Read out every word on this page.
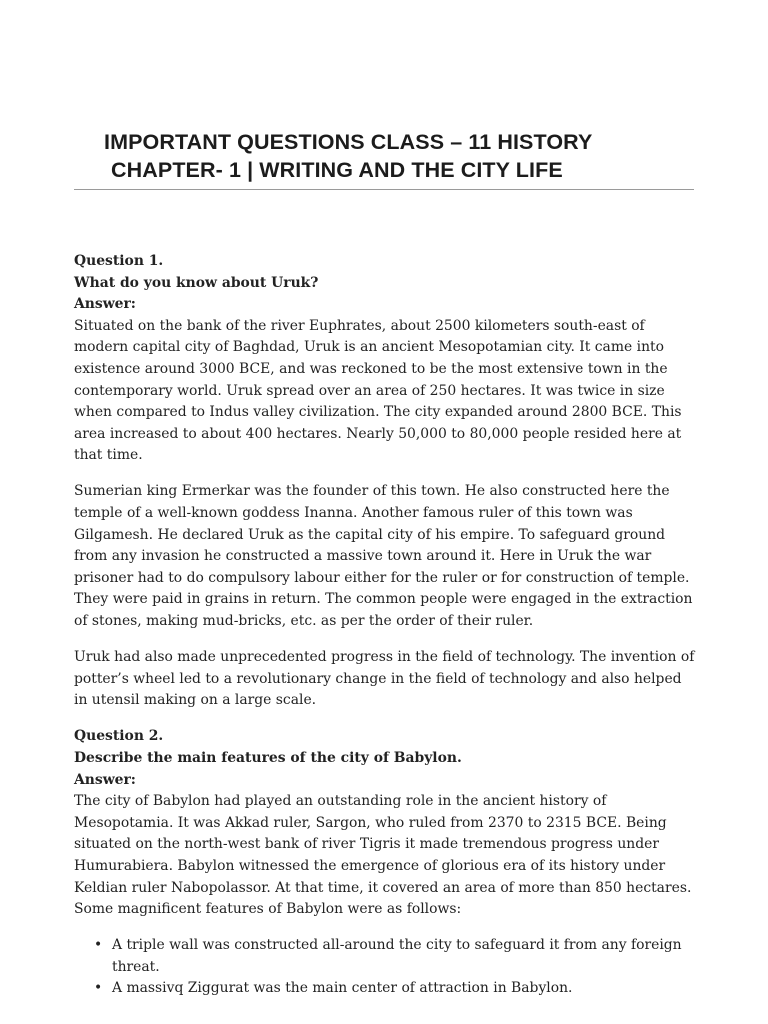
IMPORTANT QUESTIONS CLASS – 11 HISTORY
CHAPTER- 1 | WRITING AND THE CITY LIFE

Question 1.

What do you know about Uruk?

Answer:

Situated on the bank of the river Euphrates, about 2500 kilometers south-east of modern capital city of Baghdad, Uruk is an ancient Mesopotamian city. It came into existence around 3000 BCE, and was reckoned to be the most extensive town in the contemporary world. Uruk spread over an area of 250 hectares. It was twice in size when compared to Indus valley civilization. The city expanded around 2800 BCE. This area increased to about 400 hectares. Nearly 50,000 to 80,000 people resided here at that time.

Sumerian king Ermerkar was the founder of this town. He also constructed here the temple of a well-known goddess Inanna. Another famous ruler of this town was Gilgamesh. He declared Uruk as the capital city of his empire. To safeguard ground from any invasion he constructed a massive town around it. Here in Uruk the war prisoner had to do compulsory labour either for the ruler or for construction of temple. They were paid in grains in return. The common people were engaged in the extraction of stones, making mud-bricks, etc. as per the order of their ruler.

Uruk had also made unprecedented progress in the field of technology. The invention of potter’s wheel led to a revolutionary change in the field of technology and also helped in utensil making on a large scale.

Question 2.

Describe the main features of the city of Babylon.

Answer:

The city of Babylon had played an outstanding role in the ancient history of Mesopotamia. It was Akkad ruler, Sargon, who ruled from 2370 to 2315 BCE. Being situated on the north-west bank of river Tigris it made tremendous progress under Humurabiera. Babylon witnessed the emergence of glorious era of its history under Keldian ruler Nabopolassor. At that time, it covered an area of more than 850 hectares. Some magnificent features of Babylon were as follows:

• A triple wall was constructed all-around the city to safeguard it from any foreign threat.
• A massivq Ziggurat was the main center of attraction in Babylon.
